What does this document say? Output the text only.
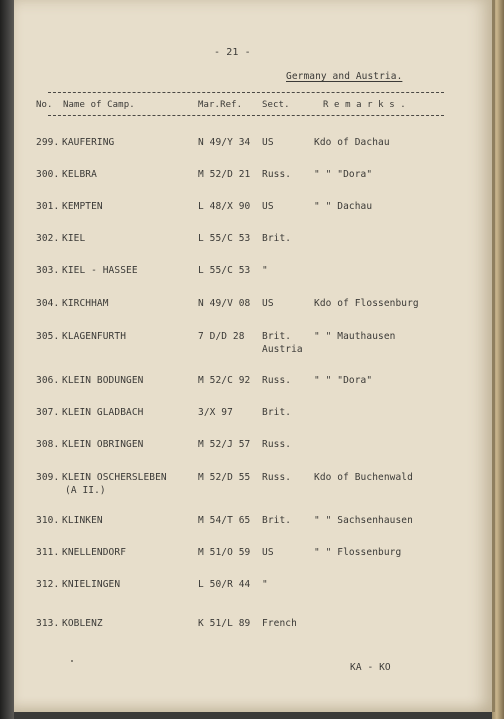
- 21 -
Germany and Austria.
No. Name of Camp.	Mar.Ref. Sect.	R e m a r k s .
299. KAUFERING	N 49/Y 34 US	Kdo of Dachau
300. KELBRA	M 52/D 21 Russ. " " "Dora"
301. KEMPTEN	L 48/X 90 US	" " Dachau
302. KIEL	L 55/C 53 Brit.
303. KIEL - HASSEE	L 55/C 53 "
304. KIRCHHAM	N 49/V 08 US	Kdo of Flossenburg
305. KLAGENFURTH	7 D/D 28 Brit. " " Mauthausen
Austria
306. KLEIN BODUNGEN	M 52/C 92 Russ. " " "Dora"
307. KLEIN GLADBACH	3/X 97	Brit.
308. KLEIN OBRINGEN	M 52/J 57 Russ.
309. KLEIN OSCHERSLEBEN	M 52/D 55 Russ. Kdo of Buchenwald
(A II.)
310. KLINKEN	M 54/T 65 Brit. " " Sachsenhausen
311. KNELLENDORF	M 51/O 59 US	" " Flossenburg
312. KNIELINGEN	L 50/R 44 "
313. KOBLENZ	K 51/L 89 French
KA - KO
